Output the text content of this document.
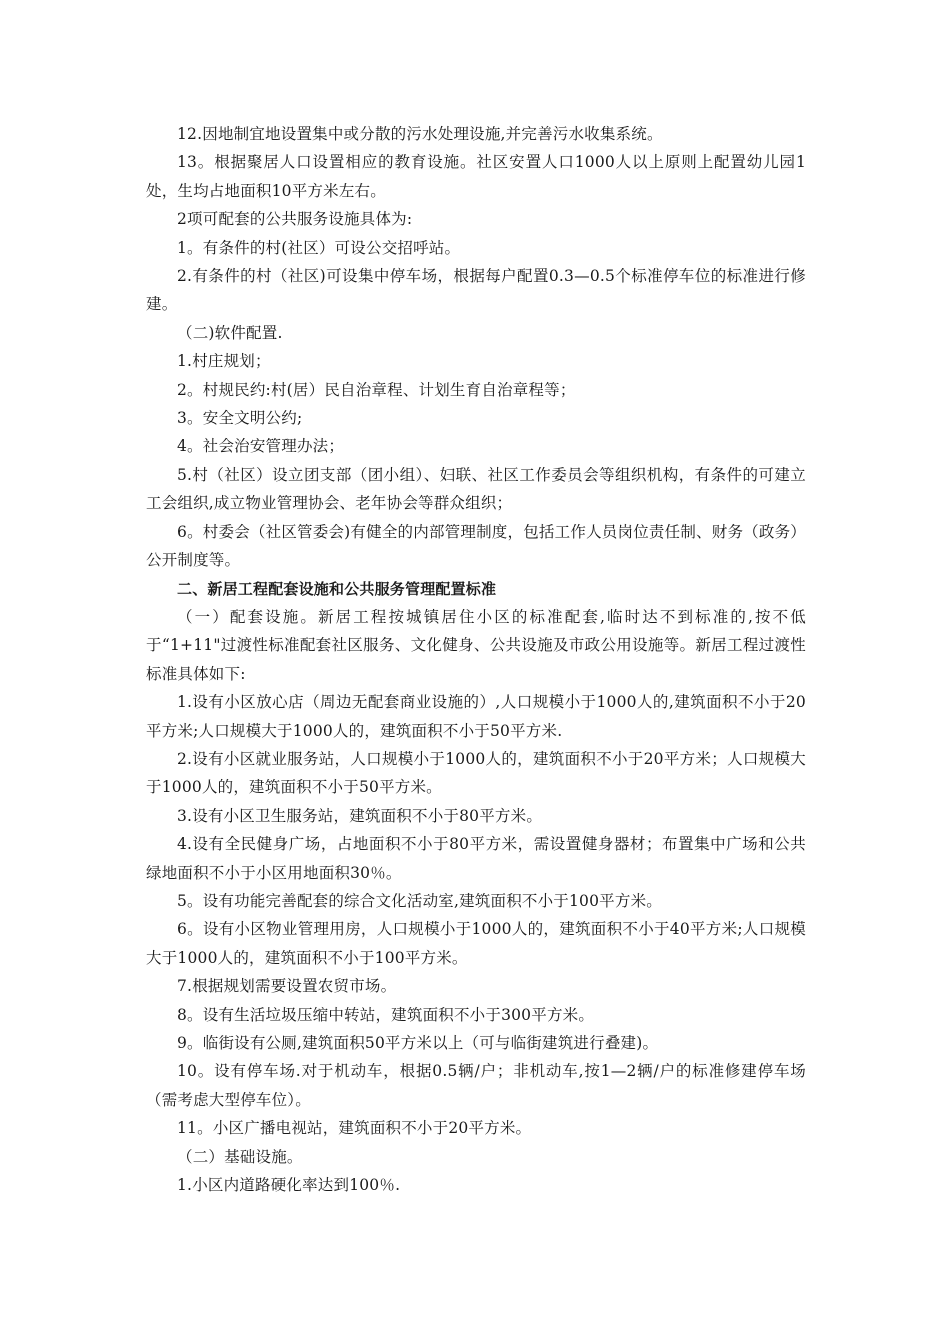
12.因地制宜地设置集中或分散的污水处理设施,并完善污水收集系统。

13。根据聚居人口设置相应的教育设施。社区安置人口1000人以上原则上配置幼儿园1处，生均占地面积10平方米左右。

2项可配套的公共服务设施具体为:

1。有条件的村(社区）可设公交招呼站。

2.有条件的村（社区)可设集中停车场，根据每户配置0.3—0.5个标准停车位的标准进行修建。

（二)软件配置.

1.村庄规划；

2。村规民约:村(居）民自治章程、计划生育自治章程等；

3。安全文明公约;

4。社会治安管理办法；

5.村（社区）设立团支部（团小组）、妇联、社区工作委员会等组织机构，有条件的可建立工会组织,成立物业管理协会、老年协会等群众组织；

6。村委会（社区管委会)有健全的内部管理制度，包括工作人员岗位责任制、财务（政务）公开制度等。

二、新居工程配套设施和公共服务管理配置标准

（一）配套设施。新居工程按城镇居住小区的标准配套,临时达不到标准的,按不低于“1+11"过渡性标准配套社区服务、文化健身、公共设施及市政公用设施等。新居工程过渡性标准具体如下:

1.设有小区放心店（周边无配套商业设施的）,人口规模小于1000人的,建筑面积不小于20平方米;人口规模大于1000人的，建筑面积不小于50平方米.

2.设有小区就业服务站，人口规模小于1000人的，建筑面积不小于20平方米；人口规模大于1000人的，建筑面积不小于50平方米。

3.设有小区卫生服务站，建筑面积不小于80平方米。

4.设有全民健身广场，占地面积不小于80平方米，需设置健身器材；布置集中广场和公共绿地面积不小于小区用地面积30％。

5。设有功能完善配套的综合文化活动室,建筑面积不小于100平方米。

6。设有小区物业管理用房，人口规模小于1000人的，建筑面积不小于40平方米;人口规模大于1000人的，建筑面积不小于100平方米。

7.根据规划需要设置农贸市场。

8。设有生活垃圾压缩中转站，建筑面积不小于300平方米。

9。临街设有公厕,建筑面积50平方米以上（可与临街建筑进行叠建)。

10。设有停车场.对于机动车，根据0.5辆/户；非机动车,按1—2辆/户的标准修建停车场（需考虑大型停车位）。

11。小区广播电视站，建筑面积不小于20平方米。

（二）基础设施。

1.小区内道路硬化率达到100％.
